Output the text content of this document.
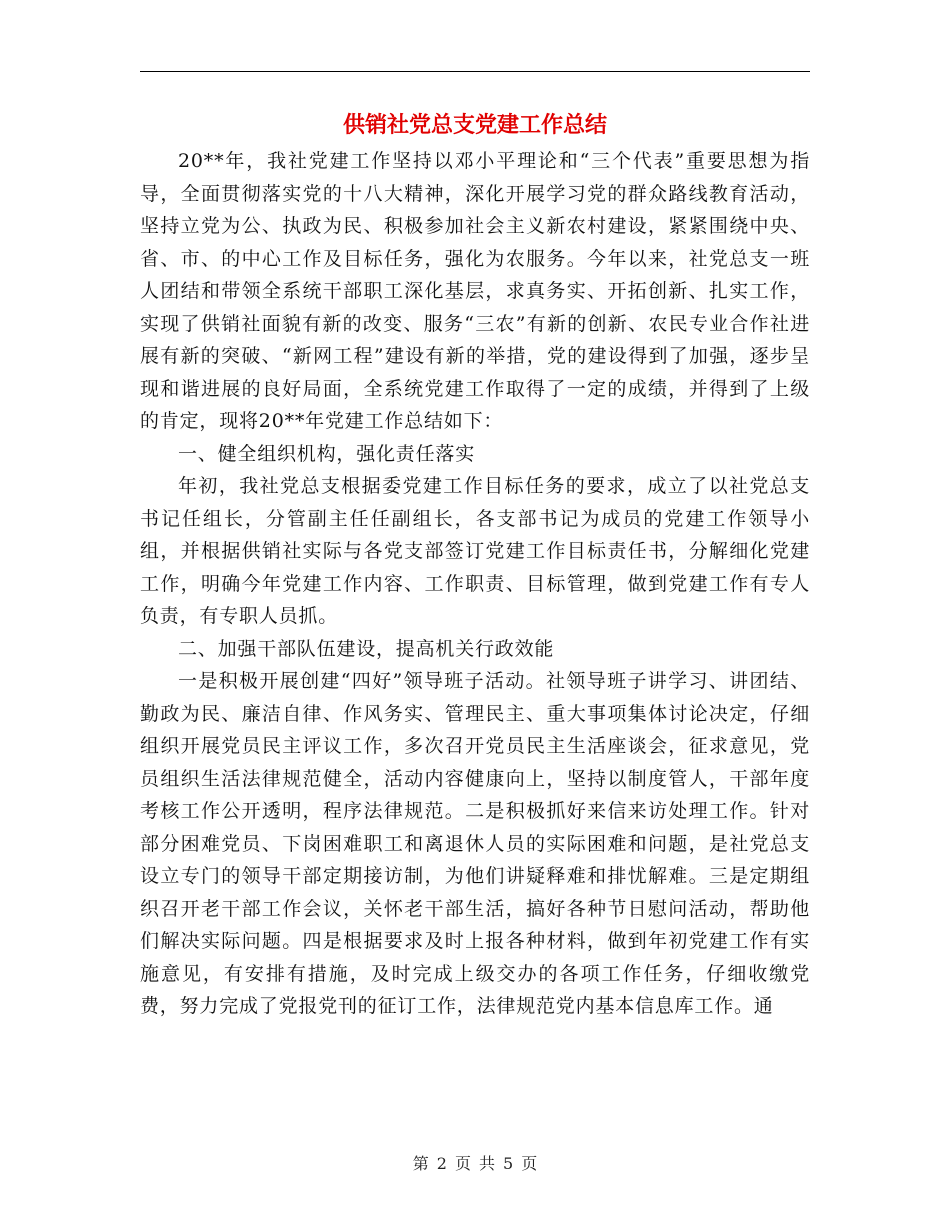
供销社党总支党建工作总结

20**年，我社党建工作坚持以邓小平理论和“三个代表”重要思想为指导，全面贯彻落实党的十八大精神，深化开展学习党的群众路线教育活动，坚持立党为公、执政为民、积极参加社会主义新农村建设，紧紧围绕中央、省、市、的中心工作及目标任务，强化为农服务。今年以来，社党总支一班人团结和带领全系统干部职工深化基层，求真务实、开拓创新、扎实工作，实现了供销社面貌有新的改变、服务“三农”有新的创新、农民专业合作社进展有新的突破、“新网工程”建设有新的举措，党的建设得到了加强，逐步呈现和谐进展的良好局面，全系统党建工作取得了一定的成绩，并得到了上级的肯定，现将20**年党建工作总结如下：

一、健全组织机构，强化责任落实

年初，我社党总支根据委党建工作目标任务的要求，成立了以社党总支书记任组长，分管副主任任副组长，各支部书记为成员的党建工作领导小组，并根据供销社实际与各党支部签订党建工作目标责任书，分解细化党建工作，明确今年党建工作内容、工作职责、目标管理，做到党建工作有专人负责，有专职人员抓。

二、加强干部队伍建设，提高机关行政效能

一是积极开展创建“四好”领导班子活动。社领导班子讲学习、讲团结、勤政为民、廉洁自律、作风务实、管理民主、重大事项集体讨论决定，仔细组织开展党员民主评议工作，多次召开党员民主生活座谈会，征求意见，党员组织生活法律规范健全，活动内容健康向上，坚持以制度管人，干部年度考核工作公开透明，程序法律规范。二是积极抓好来信来访处理工作。针对部分困难党员、下岗困难职工和离退休人员的实际困难和问题，是社党总支设立专门的领导干部定期接访制，为他们讲疑释难和排忧解难。三是定期组织召开老干部工作会议，关怀老干部生活，搞好各种节日慰问活动，帮助他们解决实际问题。四是根据要求及时上报各种材料，做到年初党建工作有实施意见，有安排有措施，及时完成上级交办的各项工作任务，仔细收缴党费，努力完成了党报党刊的征订工作，法律规范党内基本信息库工作。通

第 2 页 共 5 页
